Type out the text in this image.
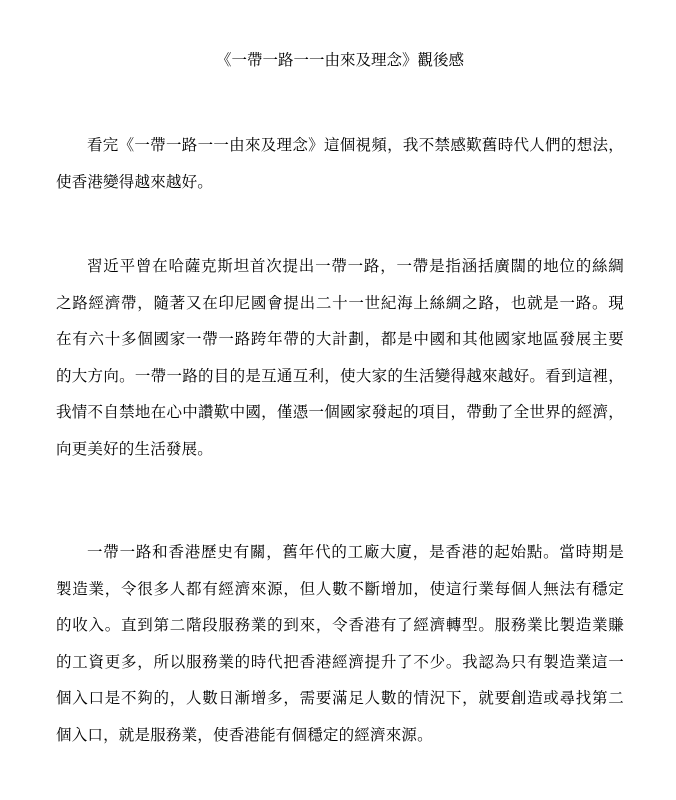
《一帶一路一一由來及理念》觀後感
看完《一帶一路一一由來及理念》這個視頻，我不禁感歎舊時代人們的想法，
使香港變得越來越好。
習近平曾在哈薩克斯坦首次提出一帶一路，一帶是指涵括廣闊的地位的絲綢
之路經濟帶，隨著又在印尼國會提出二十一世紀海上絲綢之路，也就是一路。現
在有六十多個國家一帶一路跨年帶的大計劃，都是中國和其他國家地區發展主要
的大方向。一帶一路的目的是互通互利，使大家的生活變得越來越好。看到這裡，
我情不自禁地在心中讚歎中國，僅憑一個國家發起的項目，帶動了全世界的經濟，
向更美好的生活發展。
一帶一路和香港歷史有關，舊年代的工廠大廈，是香港的起始點。當時期是
製造業，令很多人都有經濟來源，但人數不斷增加，使這行業每個人無法有穩定
的收入。直到第二階段服務業的到來，令香港有了經濟轉型。服務業比製造業賺
的工資更多，所以服務業的時代把香港經濟提升了不少。我認為只有製造業這一
個入口是不夠的，人數日漸增多，需要滿足人數的情況下，就要創造或尋找第二
個入口，就是服務業，使香港能有個穩定的經濟來源。
